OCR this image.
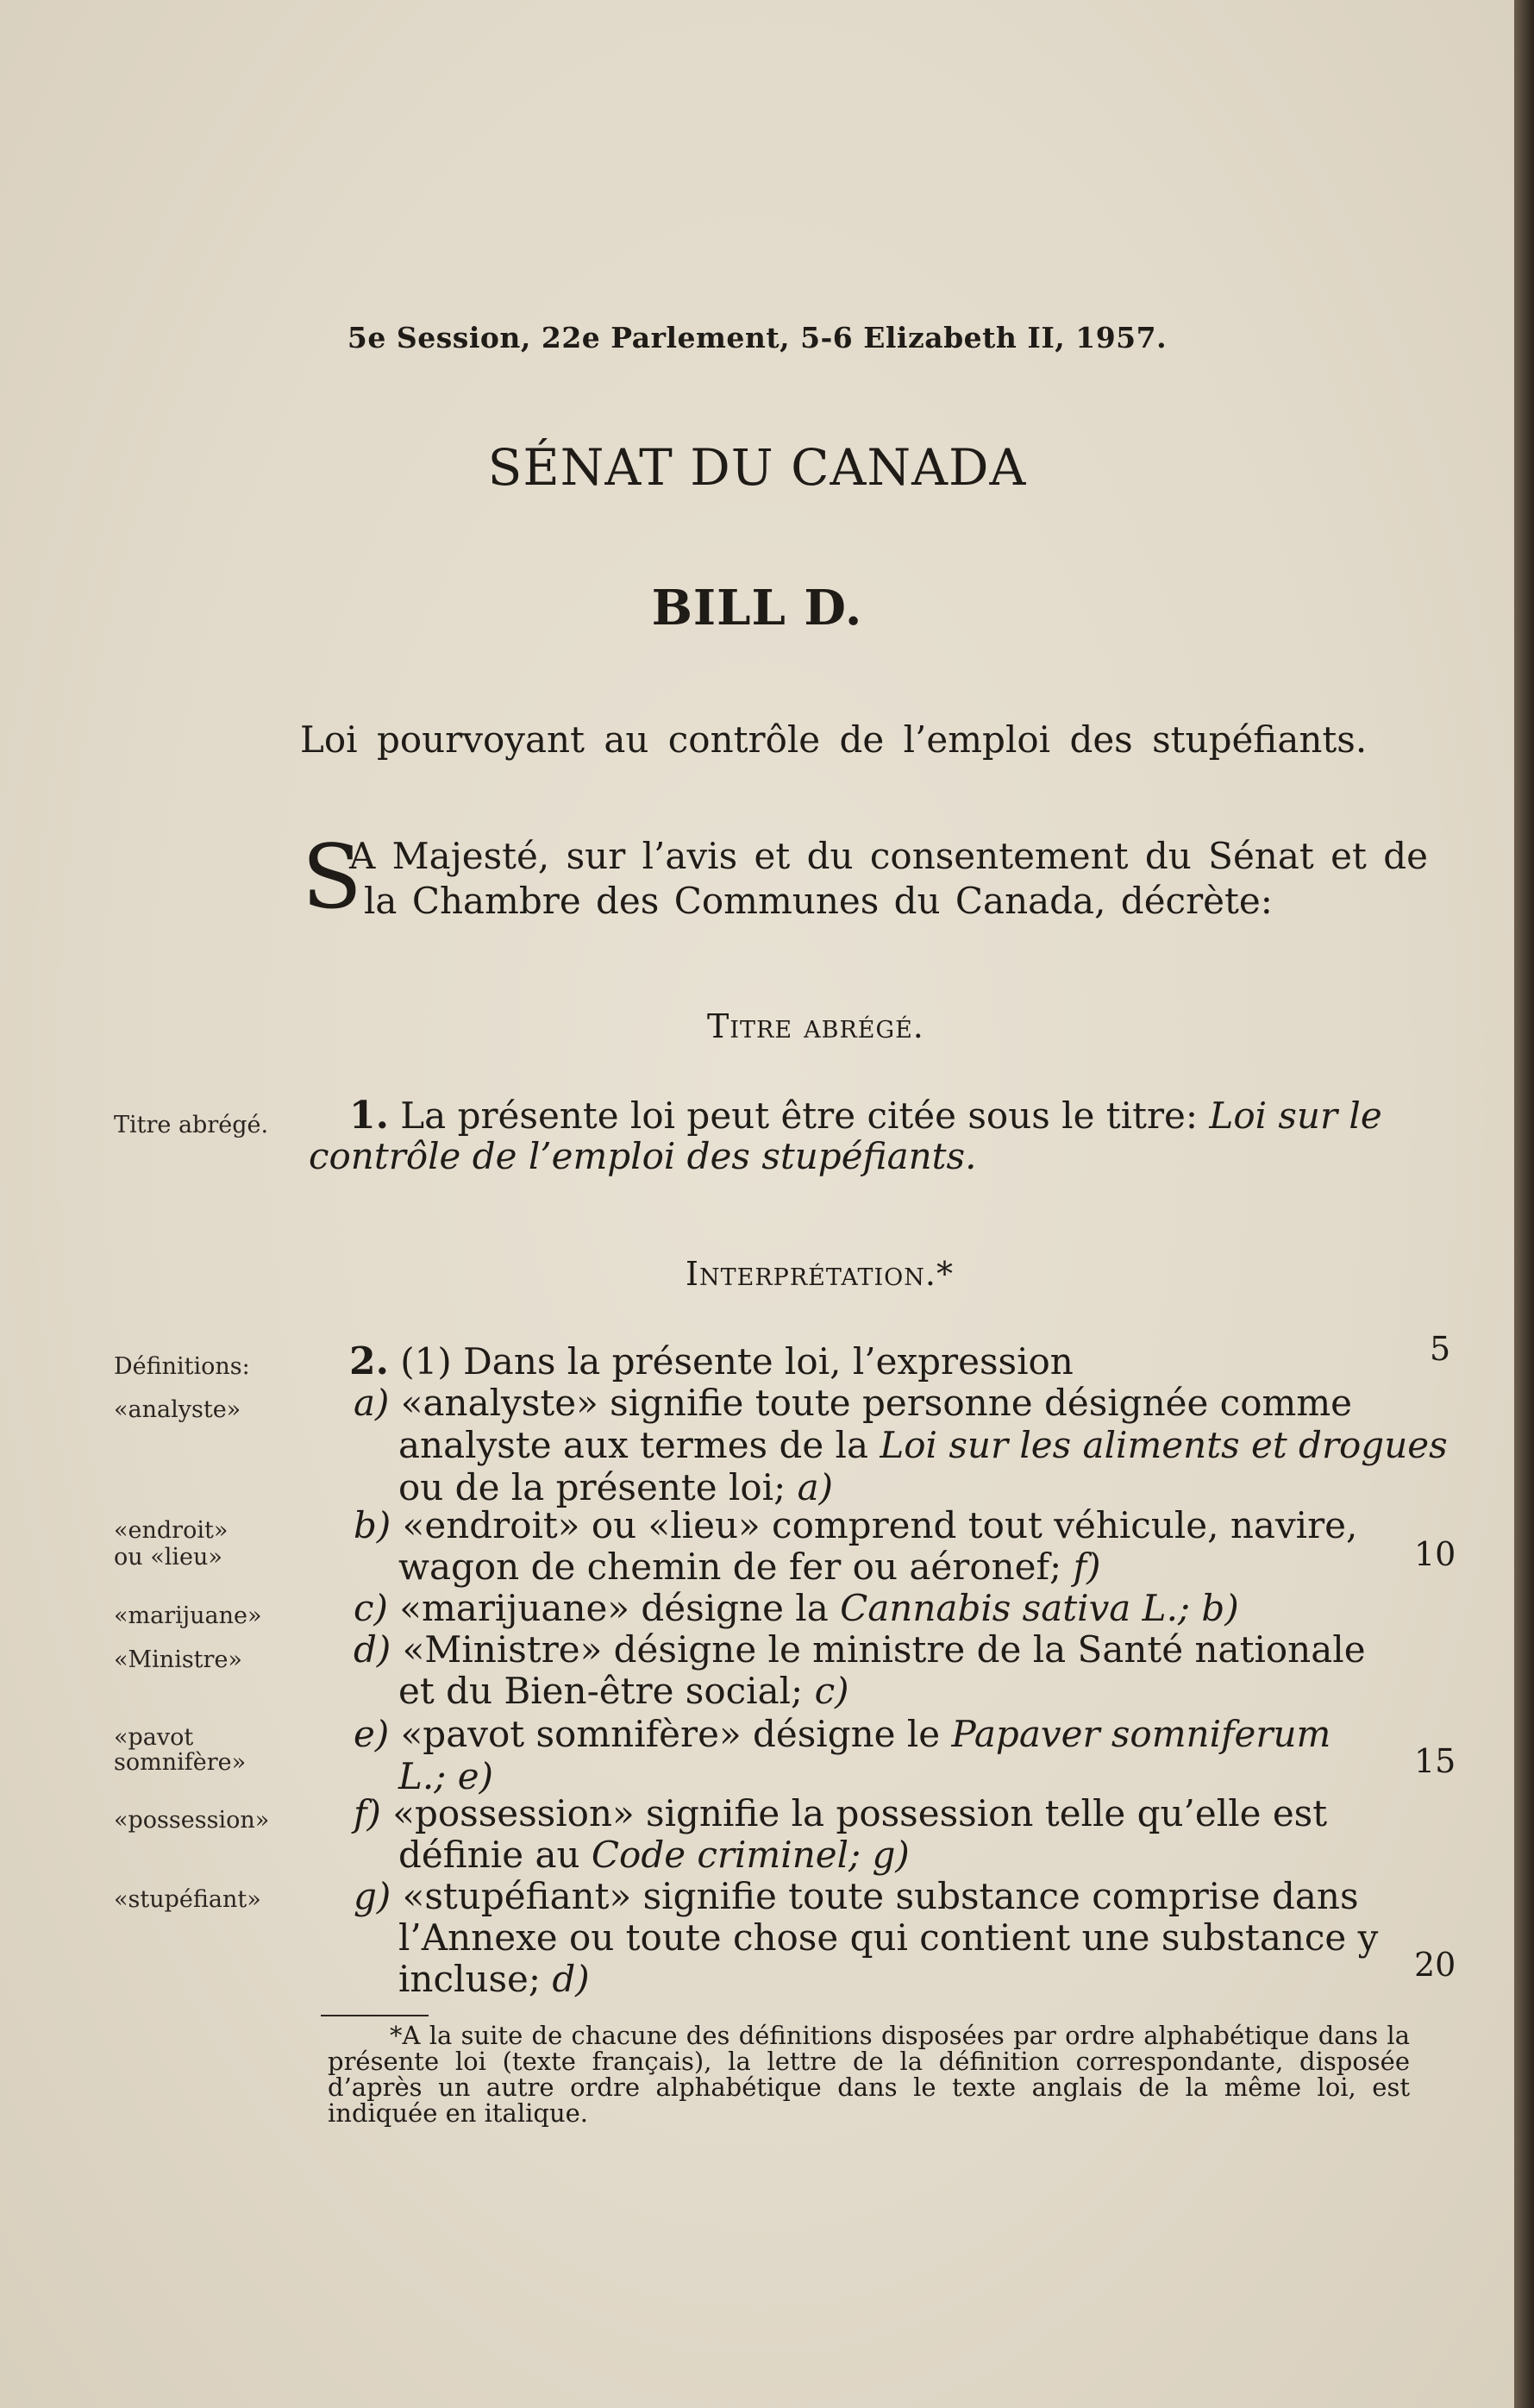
5e Session, 22e Parlement, 5-6 Elizabeth II, 1957.
SÉNAT DU CANADA
BILL D.
Loi pourvoyant au contrôle de l’emploi des stupéfiants.
S
A Majesté, sur l’avis et du consentement du Sénat et de
la Chambre des Communes du Canada, décrète:
Titre abrégé.
Titre abrégé. 1. La présente loi peut être citée sous le titre: Loi sur le
contrôle de l’emploi des stupéfiants.
Interprétation.*
Définitions:	2. (1) Dans la présente loi, l’expression
«analyste»	a) «analyste» signifie toute personne désignée comme
analyste aux termes de la Loi sur les aliments et drogues
ou de la présente loi; a)
«endroit»
ou «lieu»
b) «endroit» ou «lieu» comprend tout véhicule, navire,
wagon de chemin de fer ou aéronef; f)
«marijuane»	c) «marijuane» désigne la Cannabis sativa L.; b)
«Ministre»	d) «Ministre» désigne le ministre de la Santé nationale
et du Bien-être social; c)
«pavot
somnifère»
e) «pavot somnifère» désigne le Papaver somniferum
L.; e)
«possession» f) «possession» signifie la possession telle qu’elle est
définie au Code criminel; g)
«stupéfiant»	g) «stupéfiant» signifie toute substance comprise dans
l’Annexe ou toute chose qui contient une substance y
incluse; d)
5
10
15
20
*A la suite de chacune des définitions disposées par ordre alphabétique dans la présente loi (texte français), la lettre de la définition correspondante, disposée d’après un autre ordre alphabétique dans le texte anglais de la même loi, est indiquée en italique.
